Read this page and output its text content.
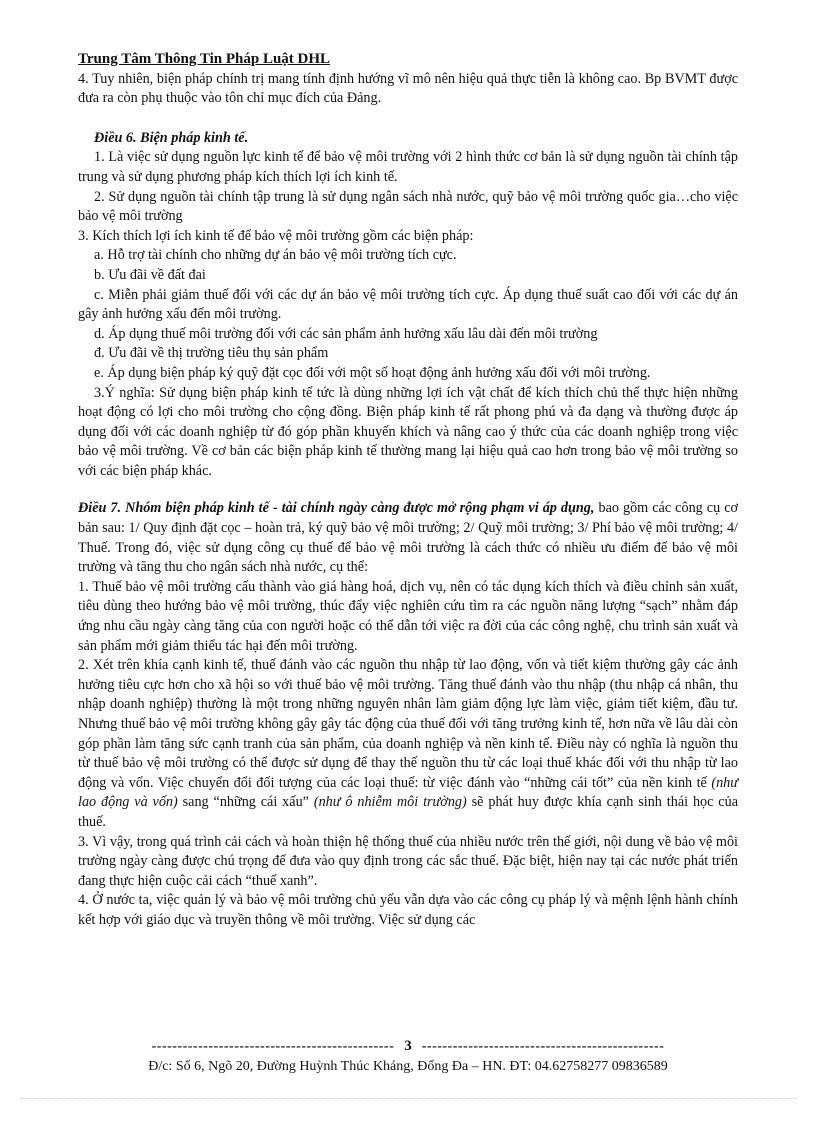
Trung Tâm Thông Tin Pháp Luật DHL

4. Tuy nhiên, biện pháp chính trị mang tính định hướng vĩ mô nên hiệu quả thực tiễn là không cao. Bp BVMT được đưa ra còn phụ thuộc vào tôn chỉ mục đích của Đảng.

Điều 6. Biện pháp kinh tế.

1. Là việc sử dụng nguồn lực kinh tế để bảo vệ môi trường với 2 hình thức cơ bản là sử dụng nguồn tài chính tập trung và sử dụng phương pháp kích thích lợi ích kinh tế.

2. Sử dụng nguồn tài chính tập trung là sử dụng ngân sách nhà nước, quỹ bảo vệ môi trường quốc gia…cho việc bảo vệ môi trường

3. Kích thích lợi ích kinh tế để bảo vệ môi trường gồm các biện pháp:

a. Hỗ trợ tài chính cho những dự án bảo vệ môi trường tích cực.

b. Ưu đãi về đất đai

c. Miễn phải giảm thuế đối với các dự án bảo vệ môi trường tích cực. Áp dụng thuế suất cao đối với các dự án gây ảnh hưởng xấu đến môi trường.

d. Áp dụng thuế môi trường đối với các sản phẩm ảnh hưởng xấu lâu dài đến môi trường

đ. Ưu đãi về thị trường tiêu thụ sản phẩm

e. Áp dụng biện pháp ký quỹ đặt cọc đối với một số hoạt động ảnh hưởng xấu đối với môi trường.

3.Ý nghĩa: Sử dụng biện pháp kinh tế tức là dùng những lợi ích vật chất để kích thích chủ thể thực hiện những hoạt động có lợi cho môi trường cho cộng đồng. Biện pháp kinh tế rất phong phú và đa dạng và thường được áp dụng đối với các doanh nghiệp từ đó góp phần khuyến khích và nâng cao ý thức của các doanh nghiệp trong việc bảo vệ môi trường. Về cơ bản các biện pháp kinh tế thường mang lại hiệu quả cao hơn trong bảo vệ môi trường so với các biện pháp khác.

Điều 7. Nhóm biện pháp kinh tế - tài chính ngày càng được mở rộng phạm vi áp dụng, bao gồm các công cụ cơ bản sau: 1/ Quy định đặt cọc – hoàn trả, ký quỹ bảo vệ môi trường; 2/ Quỹ môi trường; 3/ Phí bảo vệ môi trường; 4/ Thuế. Trong đó, việc sử dụng công cụ thuế để bảo vệ môi trường là cách thức có nhiều ưu điểm để bảo vệ môi trường và tăng thu cho ngân sách nhà nước, cụ thể:

1. Thuế bảo vệ môi trường cấu thành vào giá hàng hoá, dịch vụ, nên có tác dụng kích thích và điều chỉnh sản xuất, tiêu dùng theo hướng bảo vệ môi trường, thúc đẩy việc nghiên cứu tìm ra các nguồn năng lượng “sạch” nhằm đáp ứng nhu cầu ngày càng tăng của con người hoặc có thể dẫn tới việc ra đời của các công nghệ, chu trình sản xuất và sản phẩm mới giảm thiểu tác hại đến môi trường.

2. Xét trên khía cạnh kinh tế, thuế đánh vào các nguồn thu nhập từ lao động, vốn và tiết kiệm thường gây các ảnh hưởng tiêu cực hơn cho xã hội so với thuế bảo vệ môi trường. Tăng thuế đánh vào thu nhập (thu nhập cá nhân, thu nhập doanh nghiệp) thường là một trong những nguyên nhân làm giảm động lực làm việc, giảm tiết kiệm, đầu tư. Nhưng thuế bảo vệ môi trường không gây gây tác động của thuế đối với tăng trưởng kinh tế, hơn nữa về lâu dài còn góp phần làm tăng sức cạnh tranh của sản phẩm, của doanh nghiệp và nền kinh tế. Điều này có nghĩa là nguồn thu từ thuế bảo vệ môi trường có thể được sử dụng để thay thế nguồn thu từ các loại thuế khác đối với thu nhập từ lao động và vốn. Việc chuyển đổi đối tượng của các loại thuế: từ việc đánh vào “những cái tốt” của nền kinh tế (như lao động và vốn) sang “những cái xấu” (như ô nhiễm môi trường) sẽ phát huy được khía cạnh sinh thái học của thuế.

3. Vì vậy, trong quá trình cải cách và hoàn thiện hệ thống thuế của nhiều nước trên thế giới, nội dung về bảo vệ môi trường ngày càng được chú trọng để đưa vào quy định trong các sắc thuế. Đặc biệt, hiện nay tại các nước phát triển đang thực hiện cuộc cải cách “thuế xanh”.

4. Ở nước ta, việc quản lý và bảo vệ môi trường chủ yếu vẫn dựa vào các công cụ pháp lý và mệnh lệnh hành chính kết hợp với giáo dục và truyền thông về môi trường. Việc sử dụng các

----------------------------------------------- 3 -----------------------------------------------
Đ/c: Số 6, Ngõ 20, Đường Huỳnh Thúc Kháng, Đống Đa – HN. ĐT: 04.62758277 09836589
